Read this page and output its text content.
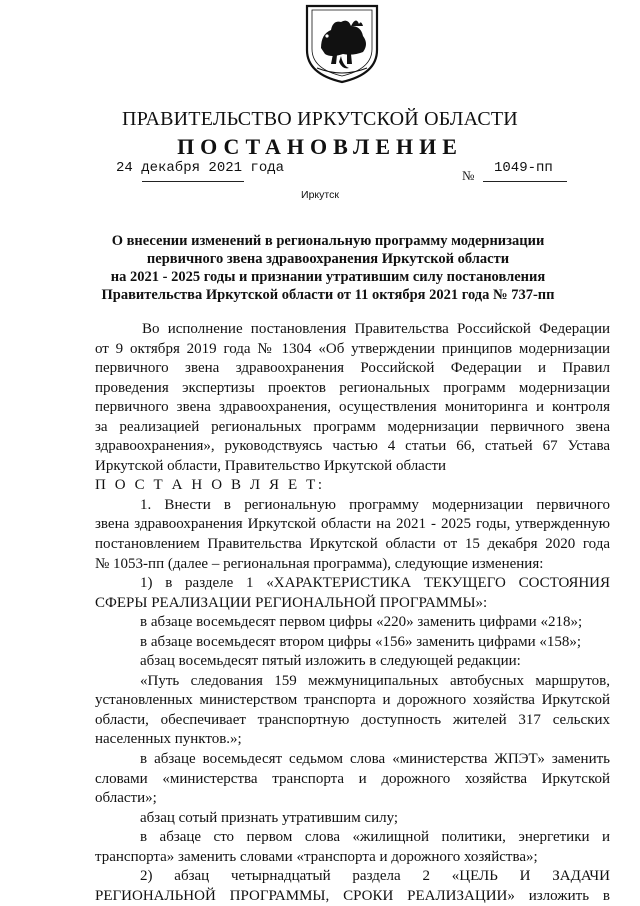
ПРАВИТЕЛЬСТВО ИРКУТСКОЙ ОБЛАСТИ
ПОСТАНОВЛЕНИЕ
24 декабря 2021 года	№ 1049-пп
Иркутск
О внесении изменений в региональную программу модернизации
первичного звена здравоохранения Иркутской области
на 2021 - 2025 годы и признании утратившим силу постановления
Правительства Иркутской области от 11 октября 2021 года № 737-пп
Во исполнение постановления Правительства Российской Федерации
от 9 октября 2019 года № 1304 «Об утверждении принципов модернизации
первичного звена здравоохранения Российской Федерации и Правил
проведения экспертизы проектов региональных программ модернизации
первичного звена здравоохранения, осуществления мониторинга и контроля
за реализацией региональных программ модернизации первичного звена
здравоохранения», руководствуясь частью 4 статьи 66, статьей 67 Устава
Иркутской области, Правительство Иркутской области
П О С Т А Н О В Л Я Е Т:
1. Внести в региональную программу модернизации первичного
звена здравоохранения Иркутской области на 2021 - 2025 годы, утвержденную
постановлением Правительства Иркутской области от 15 декабря 2020 года
№ 1053-пп (далее – региональная программа), следующие изменения:
1) в разделе 1 «ХАРАКТЕРИСТИКА ТЕКУЩЕГО СОСТОЯНИЯ
СФЕРЫ РЕАЛИЗАЦИИ РЕГИОНАЛЬНОЙ ПРОГРАММЫ»:
в абзаце восемьдесят первом цифры «220» заменить цифрами «218»;
в абзаце восемьдесят втором цифры «156» заменить цифрами «158»;
абзац восемьдесят пятый изложить в следующей редакции:
«Путь следования 159 межмуниципальных автобусных маршрутов,
установленных министерством транспорта и дорожного хозяйства Иркутской
области, обеспечивает транспортную доступность жителей 317 сельских
населенных пунктов.»;
в абзаце восемьдесят седьмом слова «министерства ЖПЭТ» заменить
словами «министерства транспорта и дорожного хозяйства Иркутской
области»;
абзац сотый признать утратившим силу;
в абзаце сто первом слова «жилищной политики, энергетики и
транспорта» заменить словами «транспорта и дорожного хозяйства»;
2) абзац четырнадцатый раздела 2 «ЦЕЛЬ И ЗАДАЧИ
РЕГИОНАЛЬНОЙ ПРОГРАММЫ, СРОКИ РЕАЛИЗАЦИИ» изложить в
